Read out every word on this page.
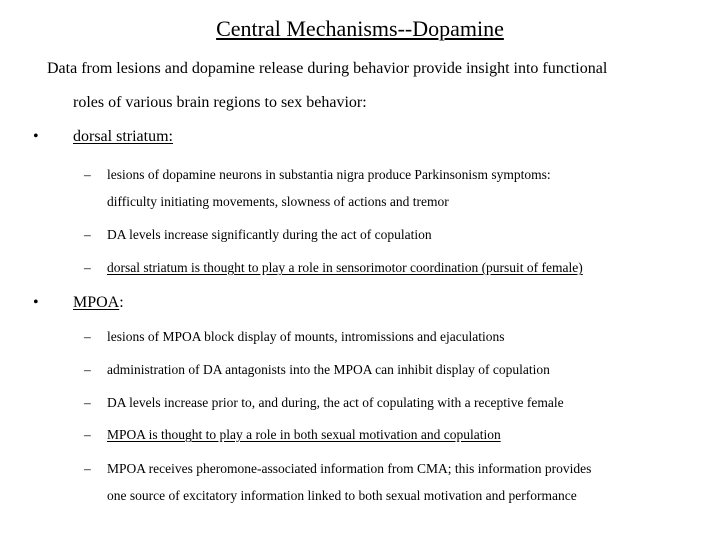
Central Mechanisms--Dopamine
Data from lesions and dopamine release during behavior provide insight into functional
roles of various brain regions to sex behavior:
• dorsal striatum:
– lesions of dopamine neurons in substantia nigra produce Parkinsonism symptoms:
difficulty initiating movements, slowness of actions and tremor
– DA levels increase significantly during the act of copulation
– dorsal striatum is thought to play a role in sensorimotor coordination (pursuit of female)
• MPOA:
– lesions of MPOA block display of mounts, intromissions and ejaculations
– administration of DA antagonists into the MPOA can inhibit display of copulation
– DA levels increase prior to, and during, the act of copulating with a receptive female
– MPOA is thought to play a role in both sexual motivation and copulation
– MPOA receives pheromone-associated information from CMA; this information provides
one source of excitatory information linked to both sexual motivation and performance
